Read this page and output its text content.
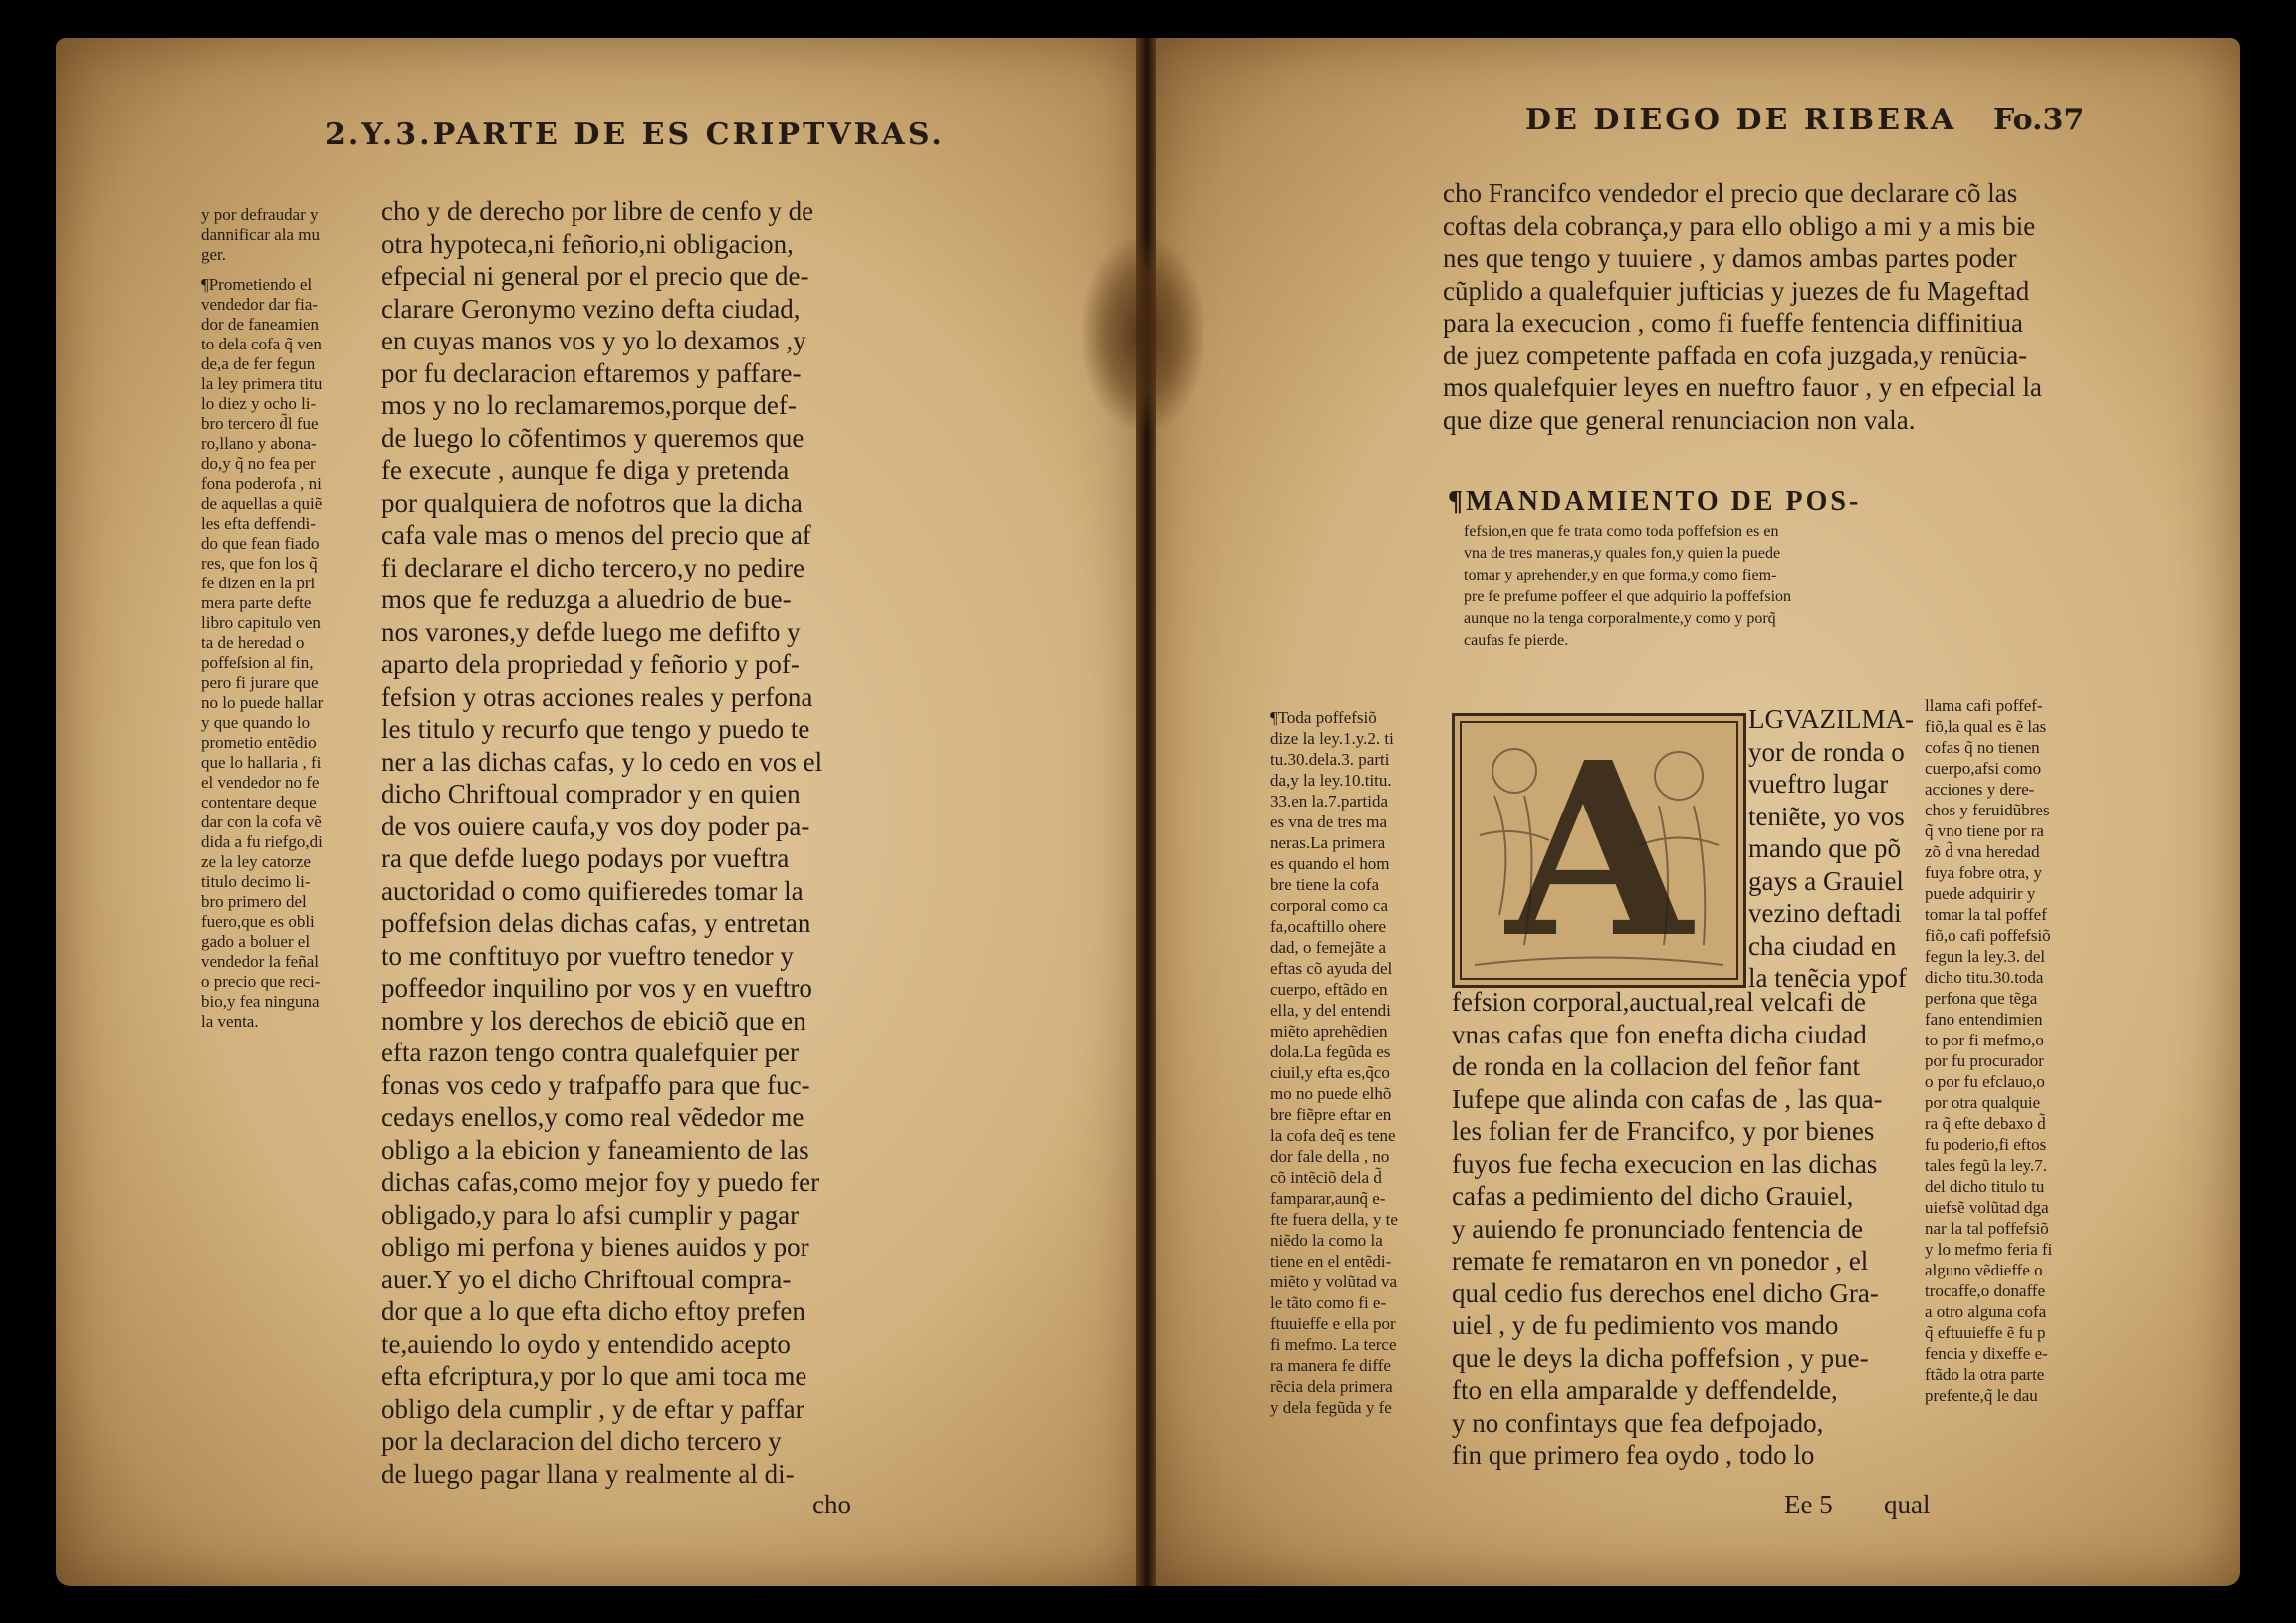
2.Y.3.PARTE DE ES CRIPTVRAS.
y por defraudar y
dannificar ala mu
ger.
¶Prometiendo el
vendedor dar fia-
dor de faneamien
to dela cofa q̃ ven
de,a de fer fegun
la ley primera titu
lo diez y ocho li-
bro tercero d̃l fue
ro,llano y abona-
do,y q̃ no fea per
fona poderofa , ni
de aquellas a quiẽ
les efta deffendi-
do que fean fiado
res, que fon los q̃
fe dizen en la pri
mera parte defte
libro capitulo ven
ta de heredad o
poffeſsion al fin,
pero fi jurare que
no lo puede hallar
y que quando lo
prometio entẽdio
que lo hallaria , fi
el vendedor no fe
contentare deque
dar con la cofa vẽ
dida a fu riefgo,di
ze la ley catorze
titulo decimo li-
bro primero del
fuero,que es obli
gado a boluer el
vendedor la feñal
o precio que reci-
bio,y fea ninguna
la venta.
cho y de derecho por libre de cenfo y de
otra hypoteca,ni feñorio,ni obligacion,
efpecial ni general por el precio que de-
clarare Geronymo vezino defta ciudad,
en cuyas manos vos y yo lo dexamos ,y
por fu declaracion eftaremos y paffare-
mos y no lo reclamaremos,porque def-
de luego lo cõfentimos y queremos que
fe execute , aunque fe diga y pretenda
por qualquiera de nofotros que la dicha
cafa vale mas o menos del precio que af
fi declarare el dicho tercero,y no pedire
mos que fe reduzga a aluedrio de bue-
nos varones,y defde luego me defifto y
aparto dela propriedad y feñorio y pof-
fefsion y otras acciones reales y perfona
les titulo y recurfo que tengo y puedo te
ner a las dichas cafas, y lo cedo en vos el
dicho Chriftoual comprador y en quien
de vos ouiere caufa,y vos doy poder pa-
ra que defde luego podays por vueftra
auctoridad o como quifieredes tomar la
poffefsion delas dichas cafas, y entretan
to me conftituyo por vueftro tenedor y
poffeedor inquilino por vos y en vueftro
nombre y los derechos de ebiciõ que en
efta razon tengo contra qualefquier per
fonas vos cedo y trafpaffo para que fuc-
cedays enellos,y como real vẽdedor me
obligo a la ebicion y faneamiento de las
dichas cafas,como mejor foy y puedo fer
obligado,y para lo afsi cumplir y pagar
obligo mi perfona y bienes auidos y por
auer.Y yo el dicho Chriftoual compra-
dor que a lo que efta dicho eftoy prefen
te,auiendo lo oydo y entendido acepto
efta efcriptura,y por lo que ami toca me
obligo dela cumplir , y de eftar y paffar
por la declaracion del dicho tercero y
de luego pagar llana y realmente al di-
cho
DE DIEGO DE RIBERA Fo.37
cho Francifco vendedor el precio que declarare cõ las
coftas dela cobrança,y para ello obligo a mi y a mis bie
nes que tengo y tuuiere , y damos ambas partes poder
cũplido a qualefquier jufticias y juezes de fu Mageftad
para la execucion , como fi fueffe fentencia diffinitiua
de juez competente paffada en cofa juzgada,y renũcia-
mos qualefquier leyes en nueftro fauor , y en efpecial la
que dize que general renunciacion non vala.
¶MANDAMIENTO DE POS-
fefsion,en que fe trata como toda poffefsion es en
vna de tres maneras,y quales fon,y quien la puede
tomar y aprehender,y en que forma,y como fiem-
pre fe prefume poffeer el que adquirio la poffefsion
aunque no la tenga corporalmente,y como y porq̃
caufas fe pierde.
¶Toda poffefsiõ
dize la ley.1.y.2. ti
tu.30.dela.3. parti
da,y la ley.10.titu.
33.en la.7.partida
es vna de tres ma
neras.La primera
es quando el hom
bre tiene la cofa
corporal como ca
fa,ocaftillo ohere
dad, o femejãte a
eftas cõ ayuda del
cuerpo, eftãdo en
ella, y del entendi
miẽto aprehẽdien
dola.La fegũda es
ciuil,y efta es,q̃co
mo no puede elhõ
bre fiẽpre eftar en
la cofa deq̃ es tene
dor fale della , no
cõ intẽciõ dela d̃
famparar,aunq̃ e-
fte fuera della, y te
niẽdo la como la
tiene en el entẽdi-
miẽto y volũtad va
le tãto como fi e-
ftuuieffe e ella por
fi mefmo. La terce
ra manera fe diffe
rẽcia dela primera
y dela fegũda y fe
A	LGVAZILMA-
yor de ronda o
vueftro lugar
teniẽte, yo vos
mando que põ
gays a Grauiel
vezino deftadi
cha ciudad en
la tenẽcia ypof
fefsion corporal,auctual,real velcafi de
vnas cafas que fon enefta dicha ciudad
de ronda en la collacion del feñor fant
Iufepe que alinda con cafas de , las qua-
les folian fer de Francifco, y por bienes
fuyos fue fecha execucion en las dichas
cafas a pedimiento del dicho Grauiel,
y auiendo fe pronunciado fentencia de
remate fe remataron en vn ponedor , el
qual cedio fus derechos enel dicho Gra-
uiel , y de fu pedimiento vos mando
que le deys la dicha poffefsion , y pue-
fto en ella amparalde y deffendelde,
y no confintays que fea defpojado,
fin que primero fea oydo , todo lo
llama cafi poffef-
fiõ,la qual es ẽ las
cofas q̃ no tienen
cuerpo,afsi como
acciones y dere-
chos y feruidũbres
q̃ vno tiene por ra
zõ d̃ vna heredad
fuya fobre otra, y
puede adquirir y
tomar la tal poffef
fiõ,o cafi poffefsiõ
fegun la ley.3. del
dicho titu.30.toda
perfona que tẽga
fano entendimien
to por fi mefmo,o
por fu procurador
o por fu efclauo,o
por otra qualquie
ra q̃ efte debaxo d̃
fu poderio,fi eftos
tales fegũ la ley.7.
del dicho titulo tu
uiefsẽ volũtad dga
nar la tal poffefsiõ
y lo mefmo feria fi
alguno vẽdieffe o
trocaffe,o donaffe
a otro alguna cofa
q̃ eftuuieffe ẽ fu p
fencia y dixeffe e-
ftãdo la otra parte
prefente,q̃ le dau
Ee 5 qual
